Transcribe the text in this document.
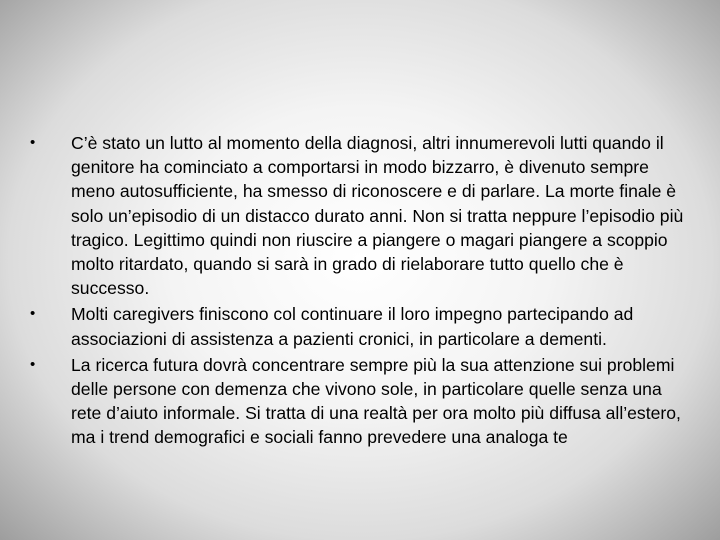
• C’è stato un lutto al momento della diagnosi, altri innumerevoli lutti quando il genitore ha cominciato a comportarsi in modo bizzarro, è divenuto sempre meno autosufficiente, ha smesso di riconoscere e di parlare. La morte finale è solo un’episodio di un distacco durato anni. Non si tratta neppure l’episodio più tragico. Legittimo quindi non riuscire a piangere o magari piangere a scoppio molto ritardato, quando si sarà in grado di rielaborare tutto quello che è successo.
• Molti caregivers finiscono col continuare il loro impegno partecipando ad associazioni di assistenza a pazienti cronici, in particolare a dementi.
• La ricerca futura dovrà concentrare sempre più la sua attenzione sui problemi delle persone con demenza che vivono sole, in particolare quelle senza una rete d’aiuto informale. Si tratta di una realtà per ora molto più diffusa all’estero, ma i trend demografici e sociali fanno prevedere una analoga te
